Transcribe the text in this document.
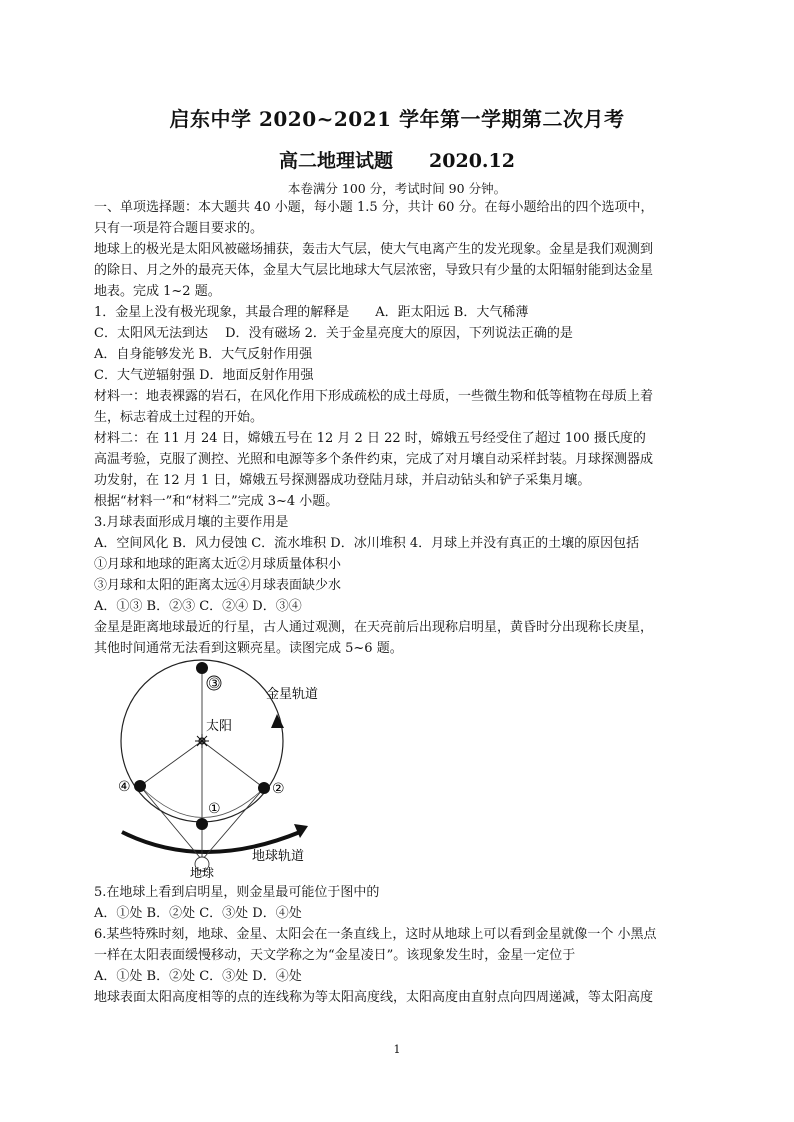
启东中学 2020~2021 学年第一学期第二次月考
高二地理试题 2020.12
本卷满分 100 分，考试时间 90 分钟。
一、单项选择题：本大题共 40 小题，每小题 1.5 分，共计 60 分。在每小题给出的四个选项中，
只有一项是符合题目要求的。
地球上的极光是太阳风被磁场捕获，轰击大气层，使大气电离产生的发光现象。金星是我们观测到
的除日、月之外的最亮天体，金星大气层比地球大气层浓密，导致只有少量的太阳辐射能到达金星
地表。完成 1~2 题。
1．金星上没有极光现象，其最合理的解释是　　A．距太阳远 B．大气稀薄
C．太阳风无法到达　 D．没有磁场 2．关于金星亮度大的原因，下列说法正确的是
A．自身能够发光 B．大气反射作用强
C．大气逆辐射强 D．地面反射作用强
材料一：地表裸露的岩石，在风化作用下形成疏松的成土母质，一些微生物和低等植物在母质上着
生，标志着成土过程的开始。
材料二：在 11 月 24 日，嫦娥五号在 12 月 2 日 22 时，嫦娥五号经受住了超过 100 摄氏度的
高温考验，克服了测控、光照和电源等多个条件约束，完成了对月壤自动采样封装。月球探测器成
功发射，在 12 月 1 日，嫦娥五号探测器成功登陆月球，并启动钻头和铲子采集月壤。
根据“材料一”和“材料二”完成 3~4 小题。
3.月球表面形成月壤的主要作用是
A．空间风化 B．风力侵蚀 C．流水堆积 D．冰川堆积 4．月球上并没有真正的土壤的原因包括
①月球和地球的距离太近②月球质量体积小
③月球和太阳的距离太远④月球表面缺少水
A．①③ B．②③ C．②④ D．③④
金星是距离地球最近的行星，古人通过观测，在天亮前后出现称启明星，黄昏时分出现称长庚星，
其他时间通常无法看到这颗亮星。读图完成 5~6 题。
太阳
③
④	②
①
金星轨道
地球轨道
地球
5.在地球上看到启明星，则金星最可能位于图中的
A．①处 B．②处 C．③处 D．④处
6.某些特殊时刻，地球、金星、太阳会在一条直线上，这时从地球上可以看到金星就像一个 小黑点
一样在太阳表面缓慢移动，天文学称之为“金星凌日”。该现象发生时，金星一定位于
A．①处 B．②处 C．③处 D．④处
地球表面太阳高度相等的点的连线称为等太阳高度线，太阳高度由直射点向四周递减，等太阳高度
1
